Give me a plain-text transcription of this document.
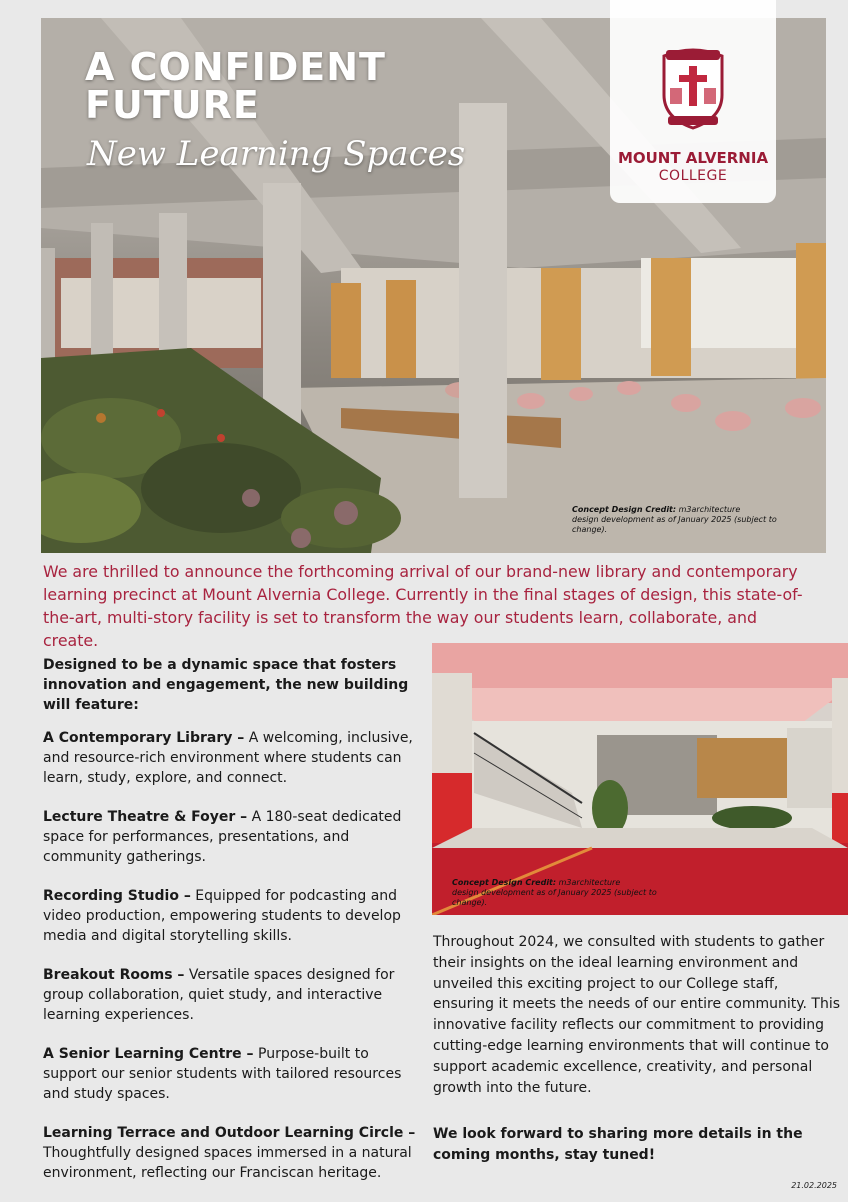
A CONFIDENT
FUTURE
New Learning Spaces
Concept Design Credit: m3architecture
design development as of January 2025 (subject to
change).
MOUNT ALVERNIA
COLLEGE
We are thrilled to announce the forthcoming arrival of our brand-new library and contemporary learning precinct at Mount Alvernia College. Currently in the final stages of design, this state-of-the-art, multi-story facility is set to transform the way our students learn, collaborate, and create.

Designed to be a dynamic space that fosters innovation and engagement, the new building will feature:

A Contemporary Library – A welcoming, inclusive, and resource-rich environment where students can learn, study, explore, and connect.

Lecture Theatre & Foyer – A 180-seat dedicated space for performances, presentations, and community gatherings.

Recording Studio – Equipped for podcasting and video production, empowering students to develop media and digital storytelling skills.

Breakout Rooms – Versatile spaces designed for group collaboration, quiet study, and interactive learning experiences.

A Senior Learning Centre – Purpose-built to support our senior students with tailored resources and study spaces.

Learning Terrace and Outdoor Learning Circle – Thoughtfully designed spaces immersed in a natural environment, reflecting our Franciscan heritage.

Concept Design Credit: m3architecture
design development as of January 2025 (subject to
change).
Throughout 2024, we consulted with students to gather their insights on the ideal learning environment and unveiled this exciting project to our College staff, ensuring it meets the needs of our entire community. This innovative facility reflects our commitment to providing cutting-edge learning environments that will continue to support academic excellence, creativity, and personal growth into the future.
We look forward to sharing more details in the coming months, stay tuned!
21.02.2025
